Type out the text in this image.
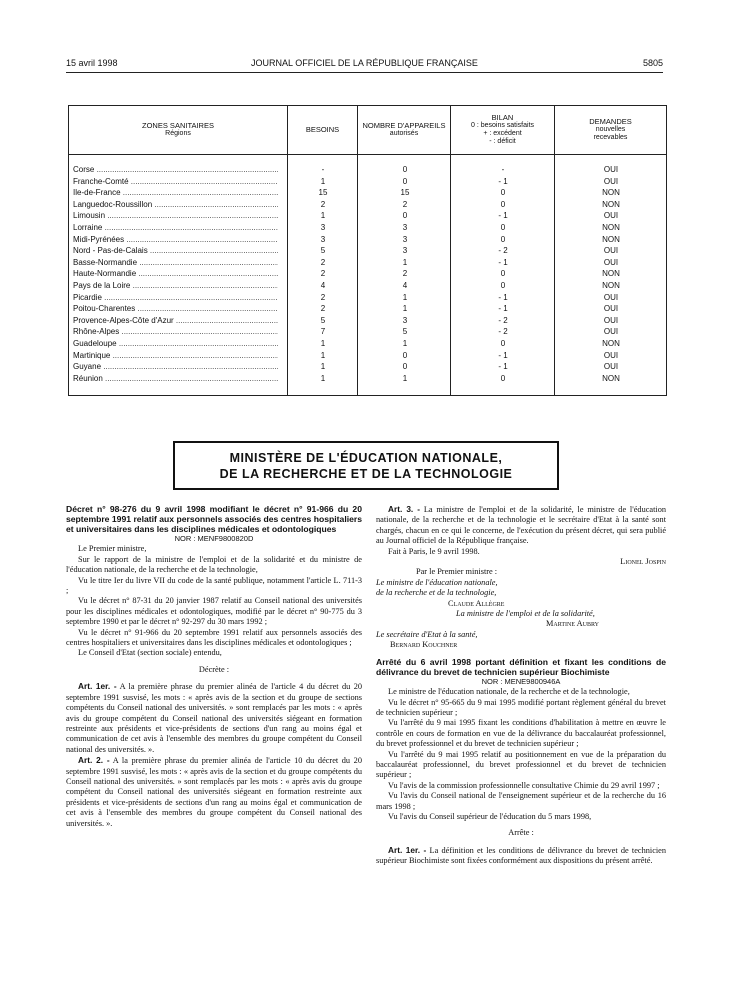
15 avril 1998	JOURNAL OFFICIEL DE LA RÉPUBLIQUE FRANÇAISE	5805
ZONES SANITAIRES
Régions	BESOINS	NOMBRE D'APPAREILS
autorisés
BILAN
0 : besoins satisfaits
+ : excédent
- : déficit
DEMANDES
nouvelles
recevables
Corse .....	-	0	-	OUI
Franche-Comté .....	1	0	- 1	OUI
Ile-de-France .....	15	15	0	NON
Languedoc-Roussillon .....	2	2	0	NON
Limousin .....	1	0	- 1	OUI
Lorraine .....	3	3	0	NON
Midi-Pyrénées .....	3	3	0	NON
Nord - Pas-de-Calais .....	5	3	- 2	OUI
Basse-Normandie .....	2	1	- 1	OUI
Haute-Normandie .....	2	2	0	NON
Pays de la Loire .....	4	4	0	NON
Picardie .....	2	1	- 1	OUI
Poitou-Charentes .....	2	1	- 1	OUI
Provence-Alpes-Côte d'Azur .....	5	3	- 2	OUI
Rhône-Alpes .....	7	5	- 2	OUI
Guadeloupe .....	1	1	0	NON
Martinique .....	1	0	- 1	OUI
Guyane .....	1	0	- 1	OUI
Réunion .....	1	1	0	NON
MINISTÈRE DE L'ÉDUCATION NATIONALE,
DE LA RECHERCHE ET DE LA TECHNOLOGIE

Décret n° 98-276 du 9 avril 1998 modifiant le décret n° 91-966 du 20 septembre 1991 relatif aux personnels associés des centres hospitaliers et universitaires dans les disciplines médicales et odontologiques

NOR : MENF9800820D

Le Premier ministre,

Sur le rapport de la ministre de l'emploi et de la solidarité et du ministre de l'éducation nationale, de la recherche et de la technologie,

Vu le titre Ier du livre VII du code de la santé publique, notamment l'article L. 711-3 ;

Vu le décret n° 87-31 du 20 janvier 1987 relatif au Conseil national des universités pour les disciplines médicales et odontologiques, modifié par le décret n° 90-775 du 3 septembre 1990 et par le décret n° 92-297 du 30 mars 1992 ;

Vu le décret n° 91-966 du 20 septembre 1991 relatif aux personnels associés des centres hospitaliers et universitaires dans les disciplines médicales et odontologiques ;

Le Conseil d'Etat (section sociale) entendu,

Décrète :

Art. 1er. - A la première phrase du premier alinéa de l'article 4 du décret du 20 septembre 1991 susvisé, les mots : « après avis de la section et du groupe de sections compétents du Conseil national des universités. » sont remplacés par les mots : « après avis du groupe compétent du Conseil national des universités siégeant en formation restreinte aux présidents et vice-présidents de sections d'un rang au moins égal et communication de cet avis à l'ensemble des membres du groupe compétent du Conseil national des universités. ».

Art. 2. - A la première phrase du premier alinéa de l'article 10 du décret du 20 septembre 1991 susvisé, les mots : « après avis de la section et du groupe compétents du Conseil national des universités. » sont remplacés par les mots : « après avis du groupe compétent du Conseil national des universités siégeant en formation restreinte aux présidents et vice-présidents de sections d'un rang au moins égal et communication de cet avis à l'ensemble des membres du groupe compétent du Conseil national des universités. ».

Art. 3. - La ministre de l'emploi et de la solidarité, le ministre de l'éducation nationale, de la recherche et de la technologie et le secrétaire d'Etat à la santé sont chargés, chacun en ce qui le concerne, de l'exécution du présent décret, qui sera publié au Journal officiel de la République française.

Fait à Paris, le 9 avril 1998.

Lionel Jospin

Par le Premier ministre :

Le ministre de l'éducation nationale,

de la recherche et de la technologie,

Claude Allègre

La ministre de l'emploi et de la solidarité,

Martine Aubry

Le secrétaire d'Etat à la santé,

Bernard Kouchner

Arrêté du 6 avril 1998 portant définition et fixant les conditions de délivrance du brevet de technicien supérieur Biochimiste

NOR : MENE9800946A

Le ministre de l'éducation nationale, de la recherche et de la technologie,

Vu le décret n° 95-665 du 9 mai 1995 modifié portant règlement général du brevet de technicien supérieur ;

Vu l'arrêté du 9 mai 1995 fixant les conditions d'habilitation à mettre en œuvre le contrôle en cours de formation en vue de la délivrance du baccalauréat professionnel, du brevet professionnel et du brevet de technicien supérieur ;

Vu l'arrêté du 9 mai 1995 relatif au positionnement en vue de la préparation du baccalauréat professionnel, du brevet professionnel et du brevet de technicien supérieur ;

Vu l'avis de la commission professionnelle consultative Chimie du 29 avril 1997 ;

Vu l'avis du Conseil national de l'enseignement supérieur et de la recherche du 16 mars 1998 ;

Vu l'avis du Conseil supérieur de l'éducation du 5 mars 1998,

Arrête :

Art. 1er. - La définition et les conditions de délivrance du brevet de technicien supérieur Biochimiste sont fixées conformément aux dispositions du présent arrêté.
